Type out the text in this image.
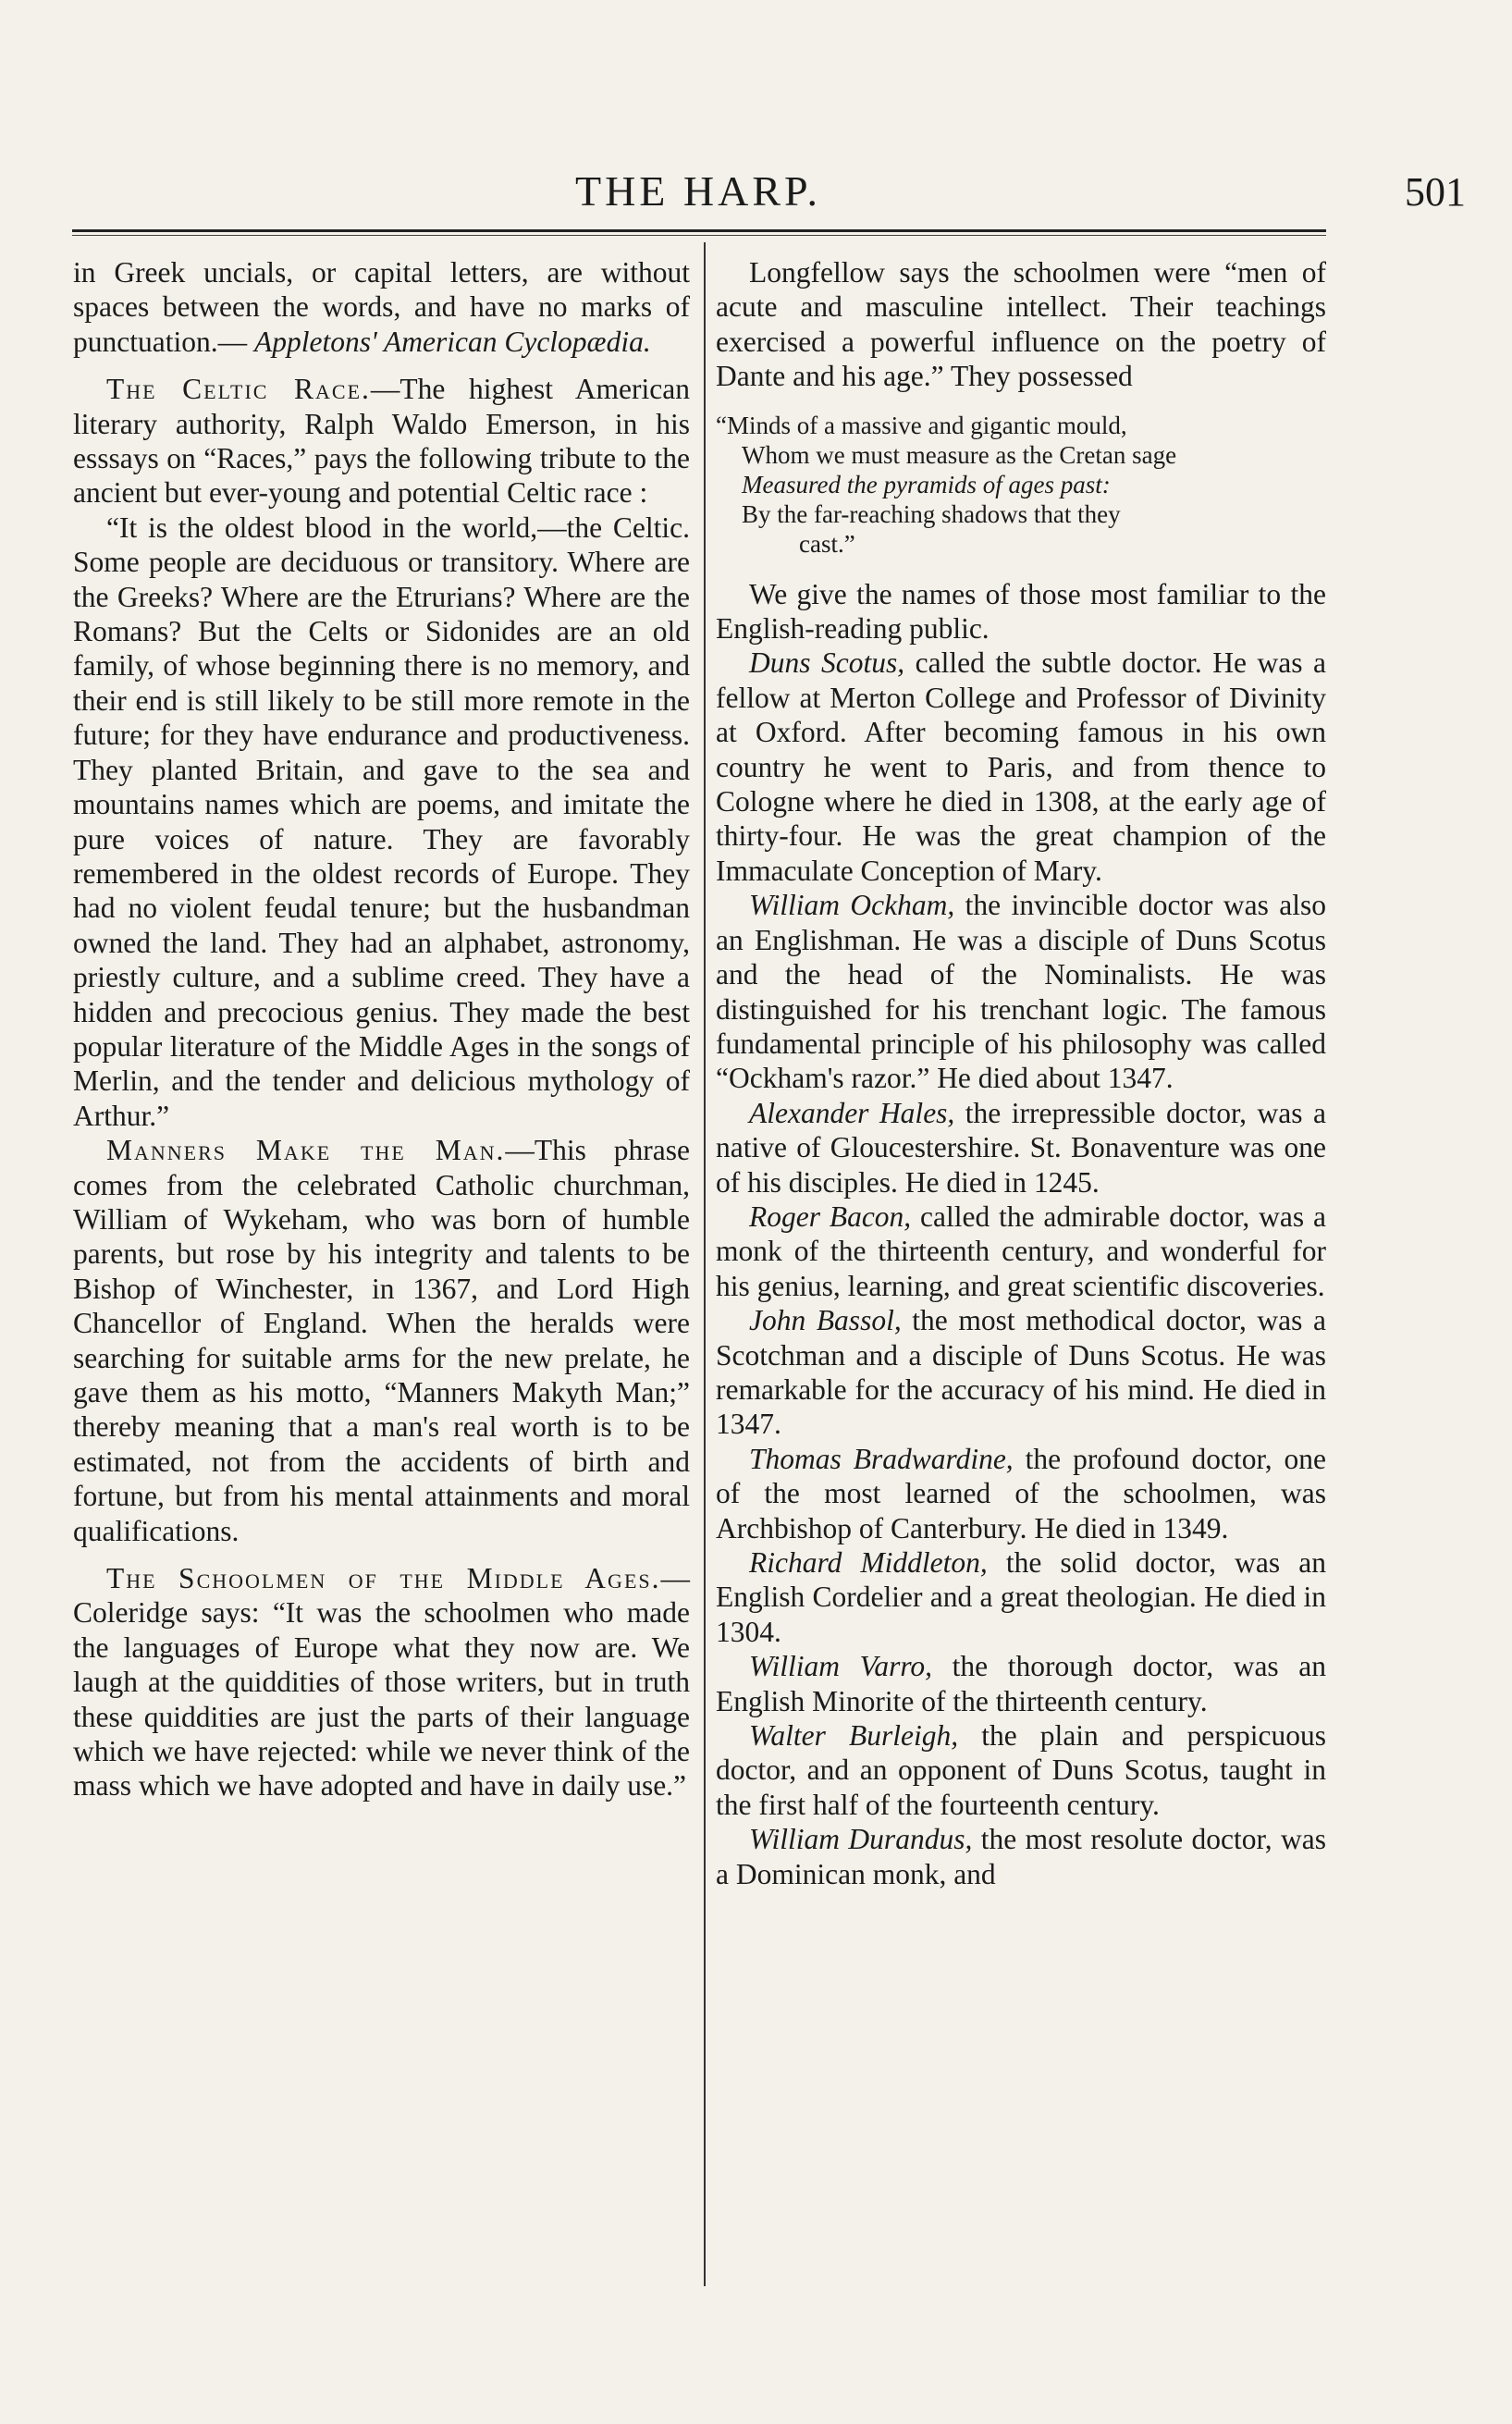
THE HARP.	501

in Greek uncials, or capital letters, are without spaces between the words, and have no marks of punctuation.— Appletons' American Cyclopædia.

The Celtic Race.—The highest American literary authority, Ralph Waldo Emerson, in his esssays on “Races,” pays the following tribute to the ancient but ever-young and potential Celtic race :

“It is the oldest blood in the world,—the Celtic. Some people are deciduous or transitory. Where are the Greeks? Where are the Etrurians? Where are the Romans? But the Celts or Sidonides are an old family, of whose beginning there is no memory, and their end is still likely to be still more remote in the future; for they have endurance and productiveness. They planted Britain, and gave to the sea and mountains names which are poems, and imitate the pure voices of nature. They are favorably remembered in the oldest records of Europe. They had no violent feudal tenure; but the husbandman owned the land. They had an alphabet, astronomy, priestly culture, and a sublime creed. They have a hidden and precocious genius. They made the best popular literature of the Middle Ages in the songs of Merlin, and the tender and delicious mythology of Arthur.”

Manners Make the Man.—This phrase comes from the celebrated Catholic churchman, William of Wykeham, who was born of humble parents, but rose by his integrity and talents to be Bishop of Winchester, in 1367, and Lord High Chancellor of England. When the heralds were searching for suitable arms for the new prelate, he gave them as his motto, “Manners Makyth Man;” thereby meaning that a man's real worth is to be estimated, not from the accidents of birth and fortune, but from his mental attainments and moral qualifications.

The Schoolmen of the Middle Ages.—Coleridge says: “It was the schoolmen who made the languages of Europe what they now are. We laugh at the quiddities of those writers, but in truth these quiddities are just the parts of their language which we have rejected: while we never think of the mass which we have adopted and have in daily use.”

Longfellow says the schoolmen were “men of acute and masculine intellect. Their teachings exercised a powerful influence on the poetry of Dante and his age.” They possessed

“Minds of a massive and gigantic mould,
Whom we must measure as the Cretan sage
Measured the pyramids of ages past:
By the far-reaching shadows that they
cast.”

We give the names of those most familiar to the English-reading public.

Duns Scotus, called the subtle doctor. He was a fellow at Merton College and Professor of Divinity at Oxford. After becoming famous in his own country he went to Paris, and from thence to Cologne where he died in 1308, at the early age of thirty-four. He was the great champion of the Immaculate Conception of Mary.

William Ockham, the invincible doctor was also an Englishman. He was a disciple of Duns Scotus and the head of the Nominalists. He was distinguished for his trenchant logic. The famous fundamental principle of his philosophy was called “Ockham's razor.” He died about 1347.

Alexander Hales, the irrepressible doctor, was a native of Gloucestershire. St. Bonaventure was one of his disciples. He died in 1245.

Roger Bacon, called the admirable doctor, was a monk of the thirteenth century, and wonderful for his genius, learning, and great scientific discoveries.

John Bassol, the most methodical doctor, was a Scotchman and a disciple of Duns Scotus. He was remarkable for the accuracy of his mind. He died in 1347.

Thomas Bradwardine, the profound doctor, one of the most learned of the schoolmen, was Archbishop of Canterbury. He died in 1349.

Richard Middleton, the solid doctor, was an English Cordelier and a great theologian. He died in 1304.

William Varro, the thorough doctor, was an English Minorite of the thirteenth century.

Walter Burleigh, the plain and perspicuous doctor, and an opponent of Duns Scotus, taught in the first half of the fourteenth century.

William Durandus, the most resolute doctor, was a Dominican monk, and
